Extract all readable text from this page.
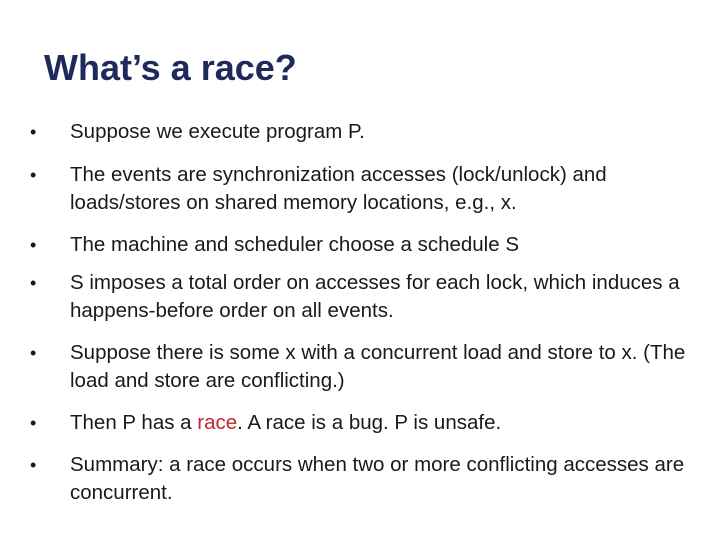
What’s a race?
•	Suppose we execute program P.
•	The events are synchronization accesses (lock/unlock) and loads/stores on shared memory locations, e.g., x.
•	The machine and scheduler choose a schedule S
•	S imposes a total order on accesses for each lock, which induces a happens-before order on all events.
•	Suppose there is some x with a concurrent load and store to x. (The load and store are conflicting.)
•	Then P has a race. A race is a bug. P is unsafe.
•	Summary: a race occurs when two or more conflicting accesses are concurrent.
